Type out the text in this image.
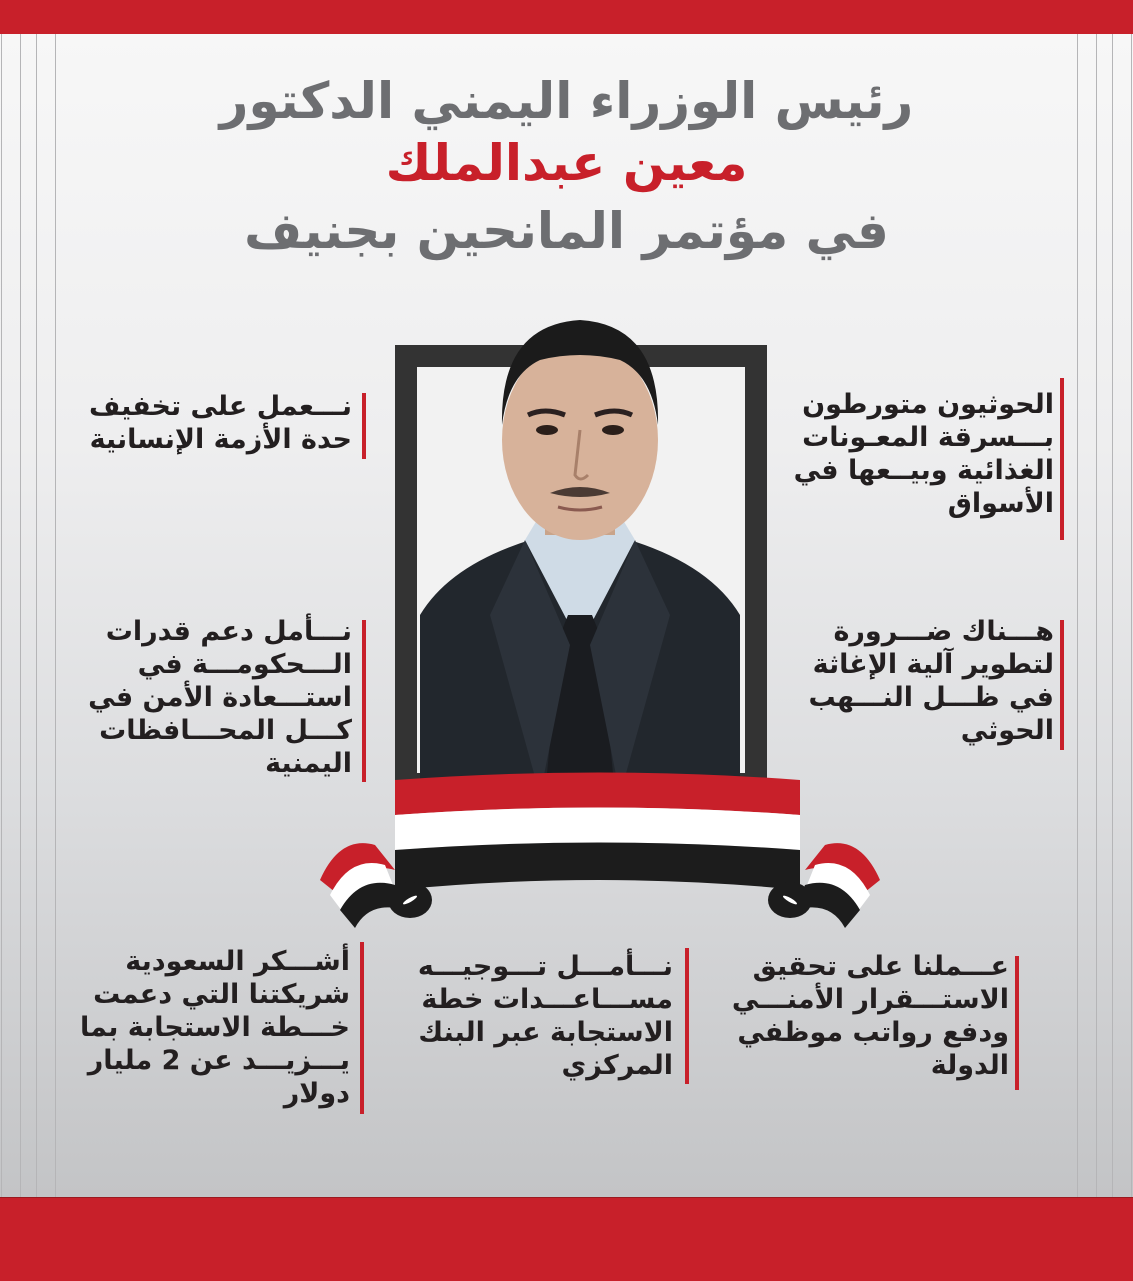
رئيس الوزراء اليمني الدكتور
معين عبدالملك
في مؤتمر المانحين بجنيف
نـــعمل على تخفيف
حدة الأزمة الإنسانية
الحوثيون متورطون
بـــسرقة المعـونات
الغذائية وبيــعها في
الأسواق
نـــأمل دعم قدرات
الـــحكومـــة في
استـــعادة الأمن في
كـــل المحـــافظات
اليمنية
هـــناك ضـــرورة
لتطوير آلية الإغاثة
في ظـــل النـــهب
الحوثي
أشـــكر السعودية
شريكتنا التي دعمت
خـــطة الاستجابة بما
يـــزيـــد عن 2 مليار
دولار
نـــأمـــل تـــوجيـــه
مســـاعـــدات خطة
الاستجابة عبر البنك
المركزي
عـــملنا على تحقيق
الاستـــقرار الأمنـــي
ودفع رواتب موظفي
الدولة
